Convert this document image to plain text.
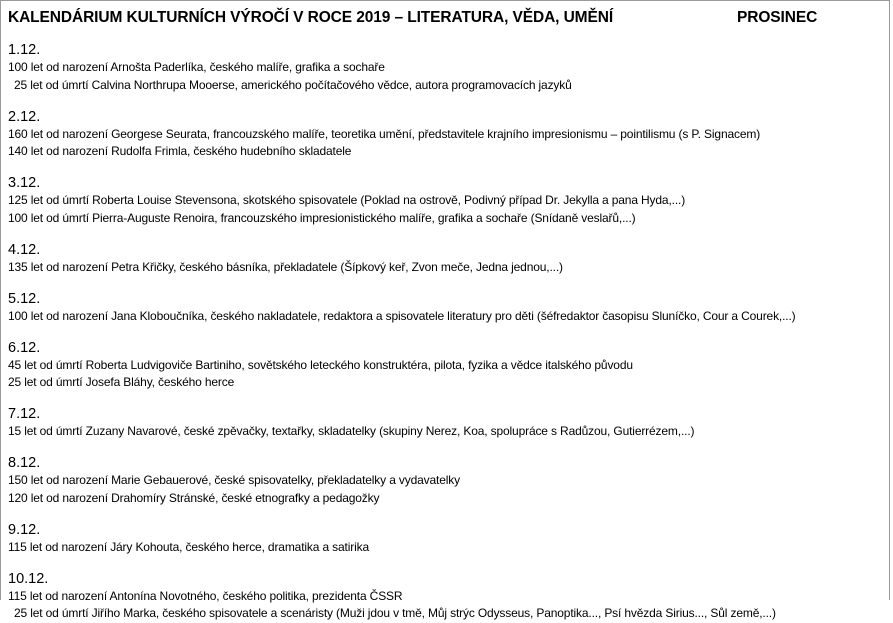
KALENDÁRIUM KULTURNÍCH VÝROČÍ V ROCE 2019 – LITERATURA, VĚDA, UMĚNÍ	PROSINEC
1.12.
100 let od narození Arnošta Paderlíka, českého malíře, grafika a sochaře
25 let od úmrtí Calvina Northrupa Mooerse, amerického počítačového vědce, autora programovacích jazyků
2.12.
160 let od narození Georgese Seurata, francouzského malíře, teoretika umění, představitele krajního impresionismu – pointilismu (s P. Signacem)
140 let od narození Rudolfa Frimla, českého hudebního skladatele
3.12.
125 let od úmrtí Roberta Louise Stevensona, skotského spisovatele (Poklad na ostrově, Podivný případ Dr. Jekylla a pana Hyda,...)
100 let od úmrtí Pierra-Auguste Renoira, francouzského impresionistického malíře, grafika a sochaře (Snídaně veslařů,...)
4.12.
135 let od narození Petra Křičky, českého básníka, překladatele (Šípkový keř, Zvon meče, Jedna jednou,...)
5.12.
100 let od narození Jana Kloboučníka, českého nakladatele, redaktora a spisovatele literatury pro děti (šéfredaktor časopisu Sluníčko, Cour a Courek,...)
6.12.
45 let od úmrtí Roberta Ludvigoviče Bartiniho, sovětského leteckého konstruktéra, pilota, fyzika a vědce italského původu
25 let od úmrtí Josefa Bláhy, českého herce
7.12.
15 let od úmrtí Zuzany Navarové, české zpěvačky, textařky, skladatelky (skupiny Nerez, Koa, spolupráce s Radůzou, Gutierrézem,...)
8.12.
150 let od narození Marie Gebauerové, české spisovatelky, překladatelky a vydavatelky
120 let od narození Drahomíry Stránské, české etnografky a pedagožky
9.12.
115 let od narození Járy Kohouta, českého herce, dramatika a satirika
10.12.
115 let od narození Antonína Novotného, českého politika, prezidenta ČSSR
25 let od úmrtí Jiřího Marka, českého spisovatele a scenáristy (Muži jdou v tmě, Můj strýc Odysseus, Panoptika..., Psí hvězda Sirius..., Sůl země,...)
